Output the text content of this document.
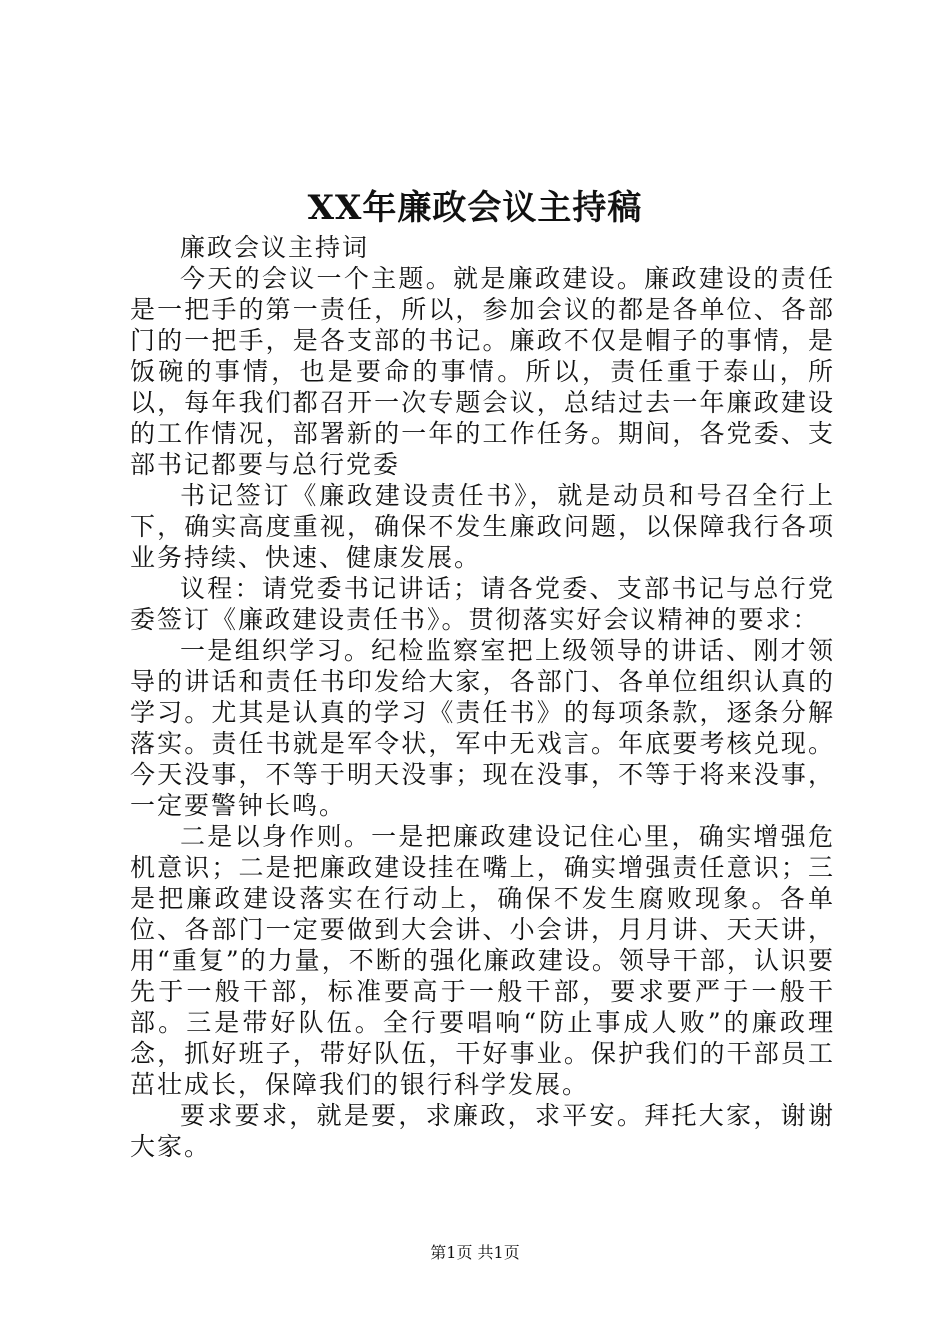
XX年廉政会议主持稿

廉政会议主持词

今天的会议一个主题。就是廉政建设。廉政建设的责任是一把手的第一责任，所以，参加会议的都是各单位、各部门的一把手，是各支部的书记。廉政不仅是帽子的事情，是饭碗的事情，也是要命的事情。所以，责任重于泰山，所以，每年我们都召开一次专题会议，总结过去一年廉政建设的工作情况，部署新的一年的工作任务。期间，各党委、支部书记都要与总行党委

书记签订《廉政建设责任书》，就是动员和号召全行上下，确实高度重视，确保不发生廉政问题，以保障我行各项业务持续、快速、健康发展。

议程：请党委书记讲话；请各党委、支部书记与总行党委签订《廉政建设责任书》。贯彻落实好会议精神的要求：

一是组织学习。纪检监察室把上级领导的讲话、刚才领导的讲话和责任书印发给大家，各部门、各单位组织认真的学习。尤其是认真的学习《责任书》的每项条款，逐条分解落实。责任书就是军令状，军中无戏言。年底要考核兑现。今天没事，不等于明天没事；现在没事，不等于将来没事，一定要警钟长鸣。

二是以身作则。一是把廉政建设记住心里，确实增强危机意识；二是把廉政建设挂在嘴上，确实增强责任意识；三是把廉政建设落实在行动上，确保不发生腐败现象。各单位、各部门一定要做到大会讲、小会讲，月月讲、天天讲，用“重复”的力量，不断的强化廉政建设。领导干部，认识要先于一般干部，标准要高于一般干部，要求要严于一般干部。三是带好队伍。全行要唱响“防止事成人败”的廉政理念，抓好班子，带好队伍，干好事业。保护我们的干部员工茁壮成长，保障我们的银行科学发展。

要求要求，就是要，求廉政，求平安。拜托大家，谢谢大家。

第1页 共1页
